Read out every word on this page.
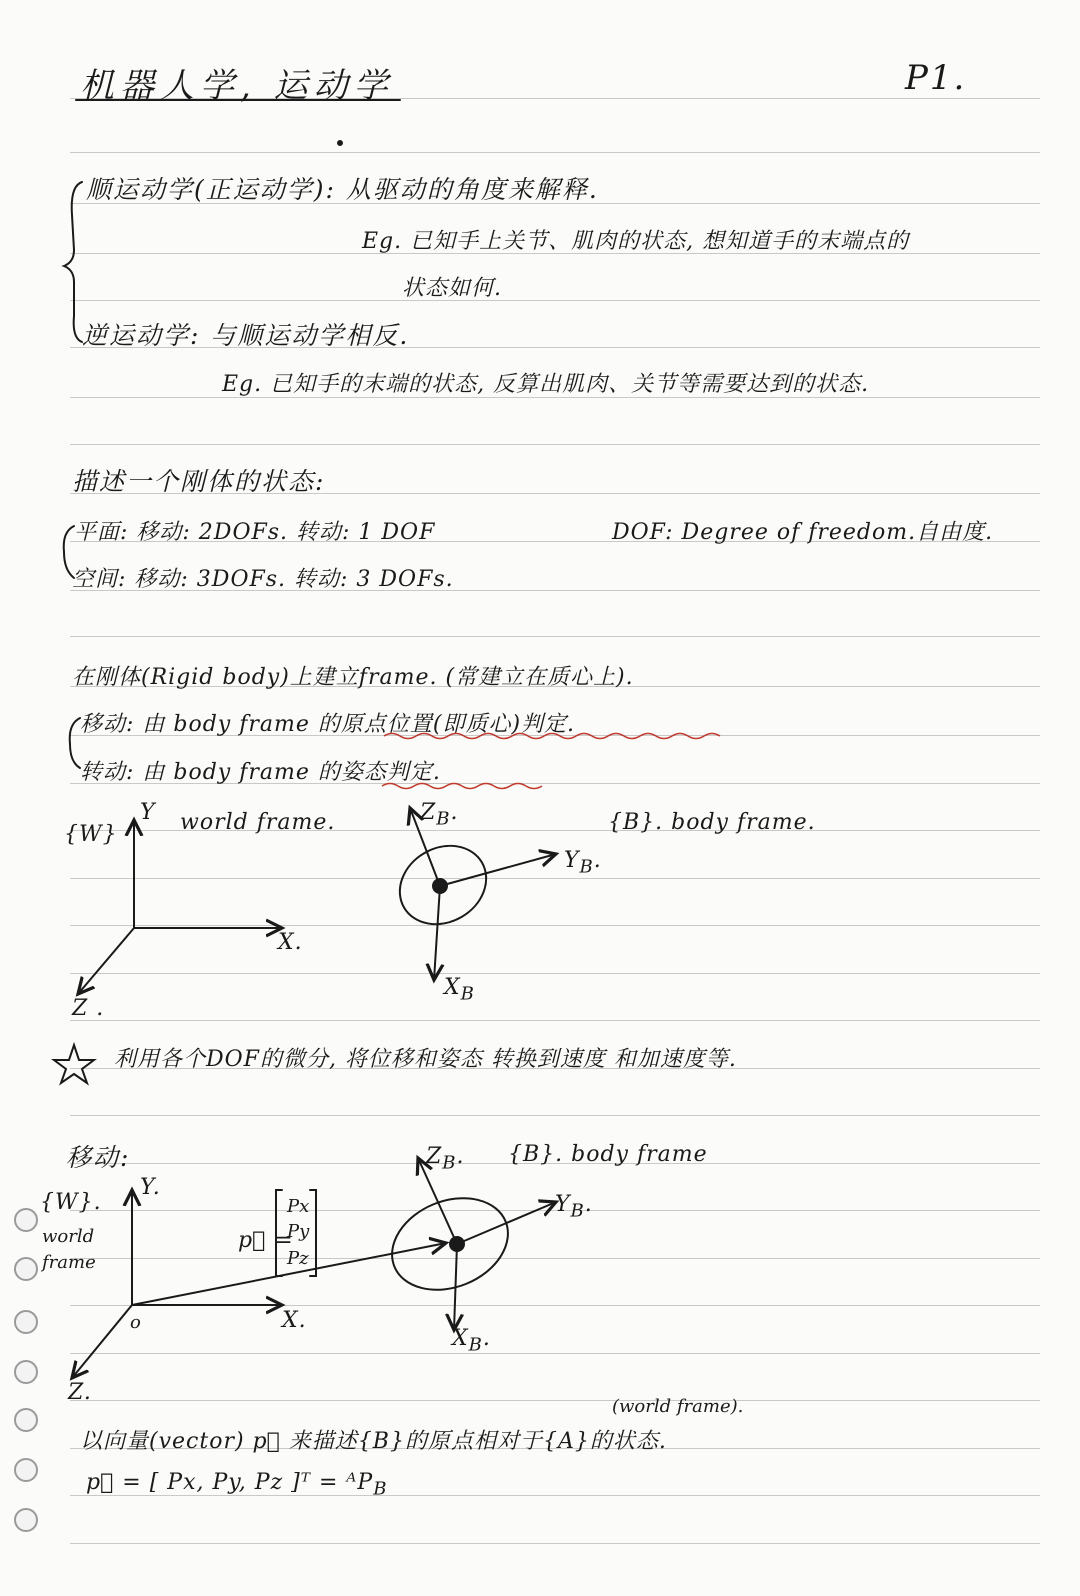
机器人学, 运动学	P1.
顺运动学(正运动学): 从驱动的角度来解释.
Eg. 已知手上关节、肌肉的状态, 想知道手的末端点的
状态如何.
逆运动学: 与顺运动学相反.
Eg. 已知手的末端的状态, 反算出肌肉、关节等需要达到的状态.
描述一个刚体的状态:
平面: 移动: 2DOFs. 转动: 1 DOF	DOF: Degree of freedom.自由度.
空间: 移动: 3DOFs. 转动: 3 DOFs.
在刚体(Rigid body)上建立frame. (常建立在质心上).
移动: 由 body frame 的原点位置(即质心)判定.
转动: 由 body frame 的姿态判定.
{W}	world frame.
Y
X.
Z .
{B}. body frame.
$Z_B$.
$Y_B$.
$X_B$
利用各个DOF的微分, 将位移和姿态 转换到速度 和加速度等.
移动:
{W}.
world
frame
Y.
X.
Z.
o
p⃗ =
Px
Py
Pz
{B}. body frame
$Z_B$.
$Y_B$.
$X_B$.
(world frame).
以向量(vector) p⃗ 来描述{B}的原点相对于{A}的状态.
p⃗ = [ Px, Py, Pz ]ᵀ = ᴬP$_B$
